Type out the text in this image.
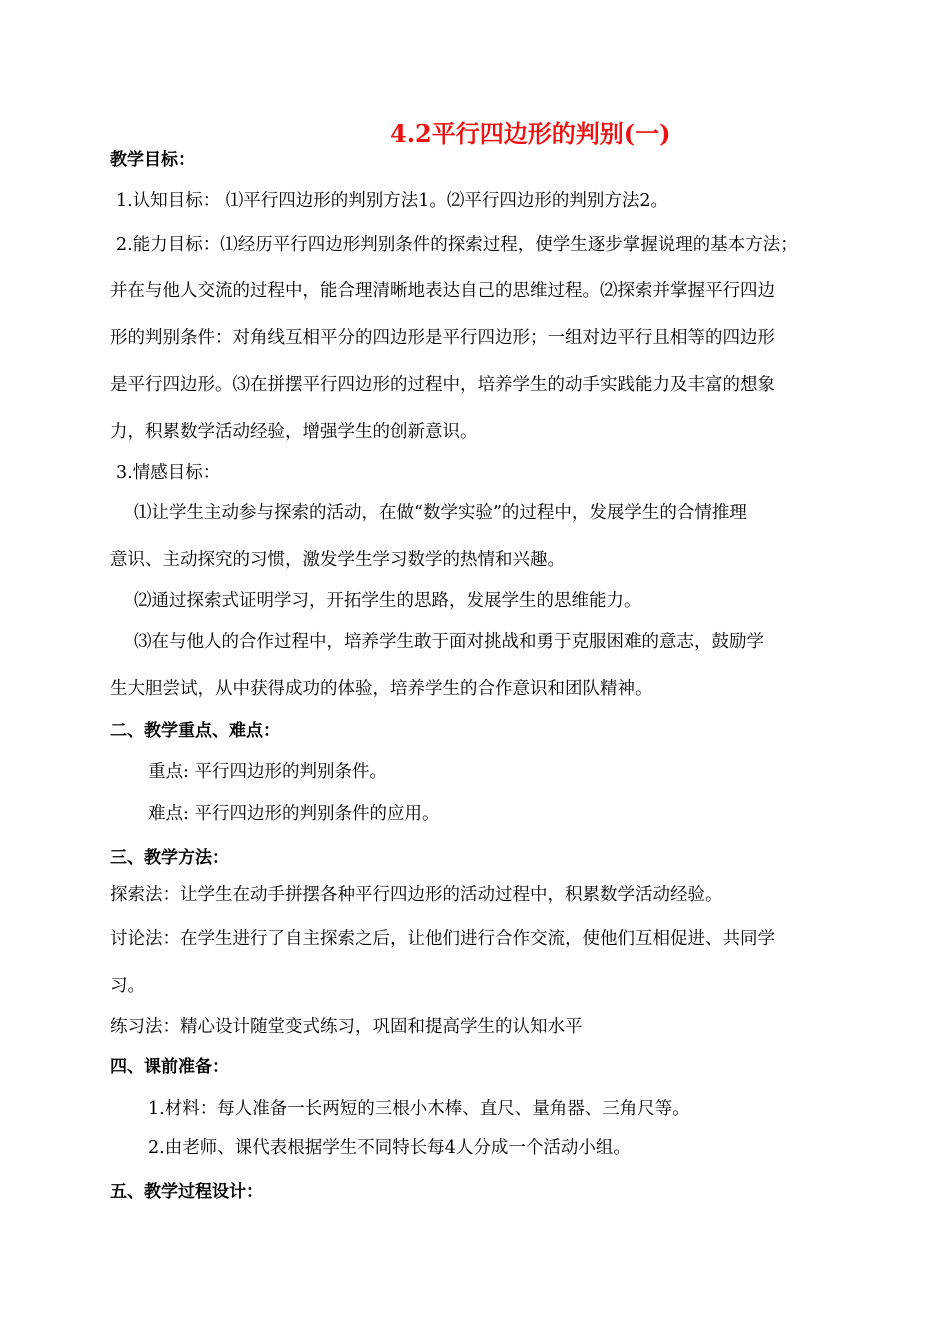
4.2平行四边形的判别(一)
教学目标：
1.认知目标： ⑴平行四边形的判别方法1。⑵平行四边形的判别方法2。
2.能力目标：⑴经历平行四边形判别条件的探索过程，使学生逐步掌握说理的基本方法；
并在与他人交流的过程中，能合理清晰地表达自己的思维过程。⑵探索并掌握平行四边
形的判别条件：对角线互相平分的四边形是平行四边形；一组对边平行且相等的四边形
是平行四边形。⑶在拼摆平行四边形的过程中，培养学生的动手实践能力及丰富的想象
力，积累数学活动经验，增强学生的创新意识。
3.情感目标：
⑴让学生主动参与探索的活动，在做“数学实验”的过程中，发展学生的合情推理
意识、主动探究的习惯，激发学生学习数学的热情和兴趣。
⑵通过探索式证明学习，开拓学生的思路，发展学生的思维能力。
⑶在与他人的合作过程中，培养学生敢于面对挑战和勇于克服困难的意志，鼓励学
生大胆尝试，从中获得成功的体验，培养学生的合作意识和团队精神。
二、教学重点、难点：
重点: 平行四边形的判别条件。
难点: 平行四边形的判别条件的应用。
三、教学方法：
探索法：让学生在动手拼摆各种平行四边形的活动过程中，积累数学活动经验。
讨论法：在学生进行了自主探索之后，让他们进行合作交流，使他们互相促进、共同学
习。
练习法：精心设计随堂变式练习，巩固和提高学生的认知水平
四、课前准备：
1.材料：每人准备一长两短的三根小木棒、直尺、量角器、三角尺等。
2.由老师、课代表根据学生不同特长每4人分成一个活动小组。
五、教学过程设计：
